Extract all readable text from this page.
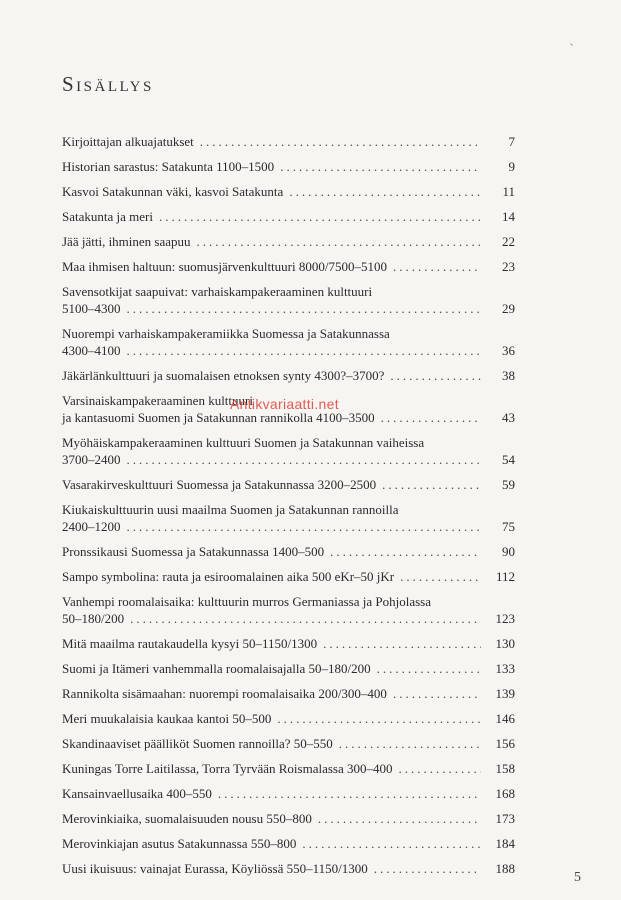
Sisällys
Kirjoittajan alkuajatukset .....	7
Historian sarastus: Satakunta 1100–1500 .....	9
Kasvoi Satakunnan väki, kasvoi Satakunta .....	11
Satakunta ja meri .....	14
Jää jätti, ihminen saapuu .....	22
Maa ihmisen haltuun: suomusjärvenkulttuuri 8000/7500–5100 .....	23
Savensotkijat saapuivat: varhaiskampakeraaminen kulttuuri
5100–4300 .....	29
Nuorempi varhaiskampakeramiikka Suomessa ja Satakunnassa
4300–4100 .....	36
Jäkärlänkulttuuri ja suomalaisen etnoksen synty 4300?–3700? .....	38
Varsinaiskampakeraaminen kulttuuri
ja kantasuomi Suomen ja Satakunnan rannikolla 4100–3500 .....	43
Myöhäiskampakeraaminen kulttuuri Suomen ja Satakunnan vaiheissa
3700–2400 .....	54
Vasarakirveskulttuuri Suomessa ja Satakunnassa 3200–2500 .....	59
Kiukaiskulttuurin uusi maailma Suomen ja Satakunnan rannoilla
2400–1200 .....	75
Pronssikausi Suomessa ja Satakunnassa 1400–500 .....	90
Sampo symbolina: rauta ja esiroomalainen aika 500 eKr–50 jKr .....	112
Vanhempi roomalaisaika: kulttuurin murros Germaniassa ja Pohjolassa
50–180/200 .....	123
Mitä maailma rautakaudella kysyi 50–1150/1300 .....	130
Suomi ja Itämeri vanhemmalla roomalaisajalla 50–180/200 .....	133
Rannikolta sisämaahan: nuorempi roomalaisaika 200/300–400 .....	139
Meri muukalaisia kaukaa kantoi 50–500 .....	146
Skandinaaviset päälliköt Suomen rannoilla? 50–550 .....	156
Kuningas Torre Laitilassa, Torra Tyrvään Roismalassa 300–400 .....	158
Kansainvaellusaika 400–550 .....	168
Merovinkiaika, suomalaisuuden nousu 550–800 .....	173
Merovinkiajan asutus Satakunnassa 550–800 .....	184
Uusi ikuisuus: vainajat Eurassa, Köyliössä 550–1150/1300 .....	188
Antikvariaatti.net
5
